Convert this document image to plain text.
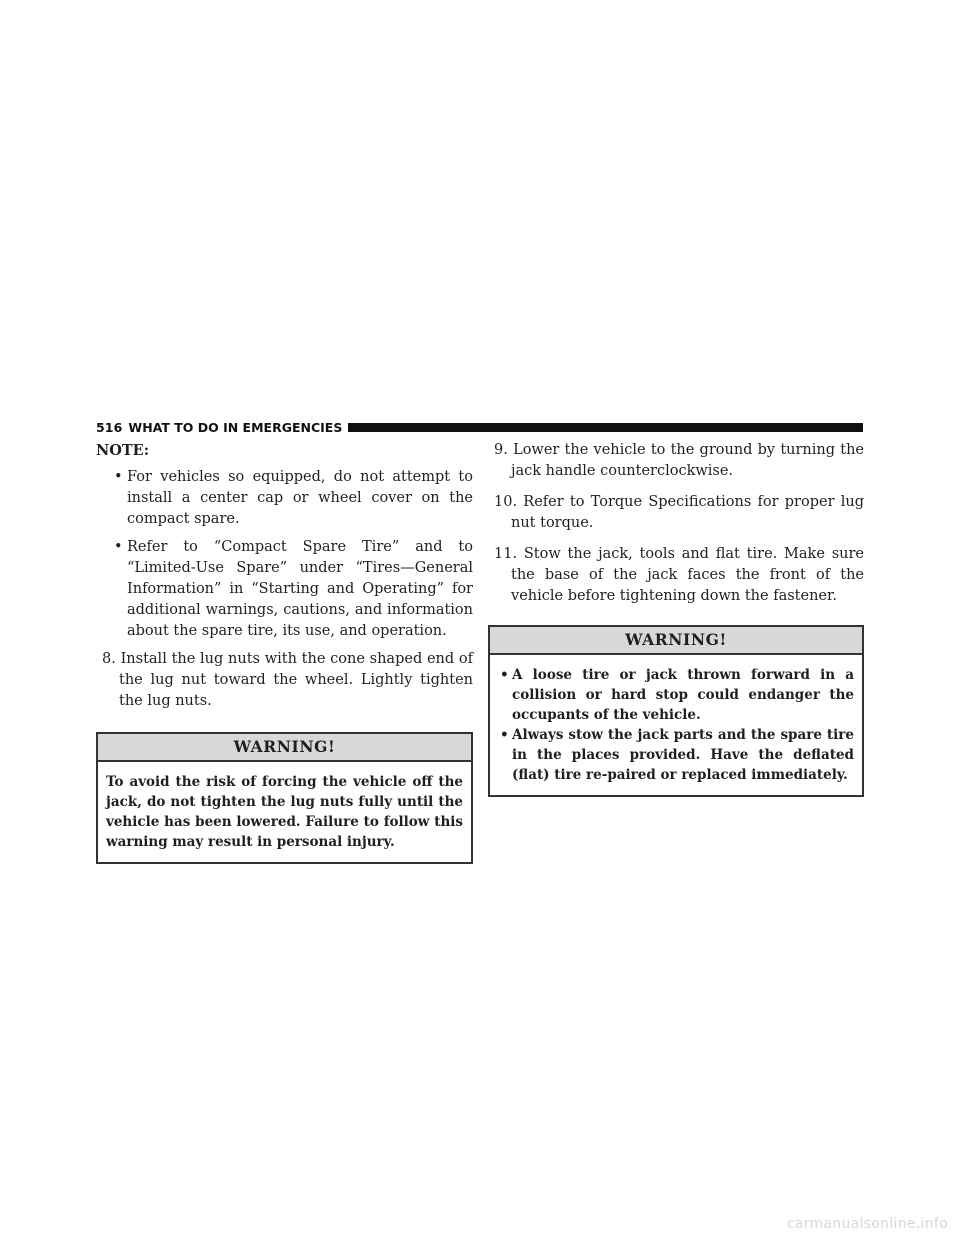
516 WHAT TO DO IN EMERGENCIES
NOTE:
• For vehicles so equipped, do not attempt to install a center cap or wheel cover on the compact spare.
• Refer to “Compact Spare Tire” and to “Limited-Use Spare” under “Tires—General Information” in “Starting and Operating” for additional warnings, cautions, and information about the spare tire, its use, and operation.
8. Install the lug nuts with the cone shaped end of the lug nut toward the wheel. Lightly tighten the lug nuts.
WARNING!
To avoid the risk of forcing the vehicle off the jack, do not tighten the lug nuts fully until the vehicle has been lowered. Failure to follow this warning may result in personal injury.
9. Lower the vehicle to the ground by turning the jack handle counterclockwise.
10. Refer to Torque Specifications for proper lug nut torque.
11. Stow the jack, tools and flat tire. Make sure the base of the jack faces the front of the vehicle before tightening down the fastener.
WARNING!
• A loose tire or jack thrown forward in a collision or hard stop could endanger the occupants of the vehicle.
• Always stow the jack parts and the spare tire in the places provided. Have the deflated (flat) tire re-paired or replaced immediately.
carmanualsonline.info
